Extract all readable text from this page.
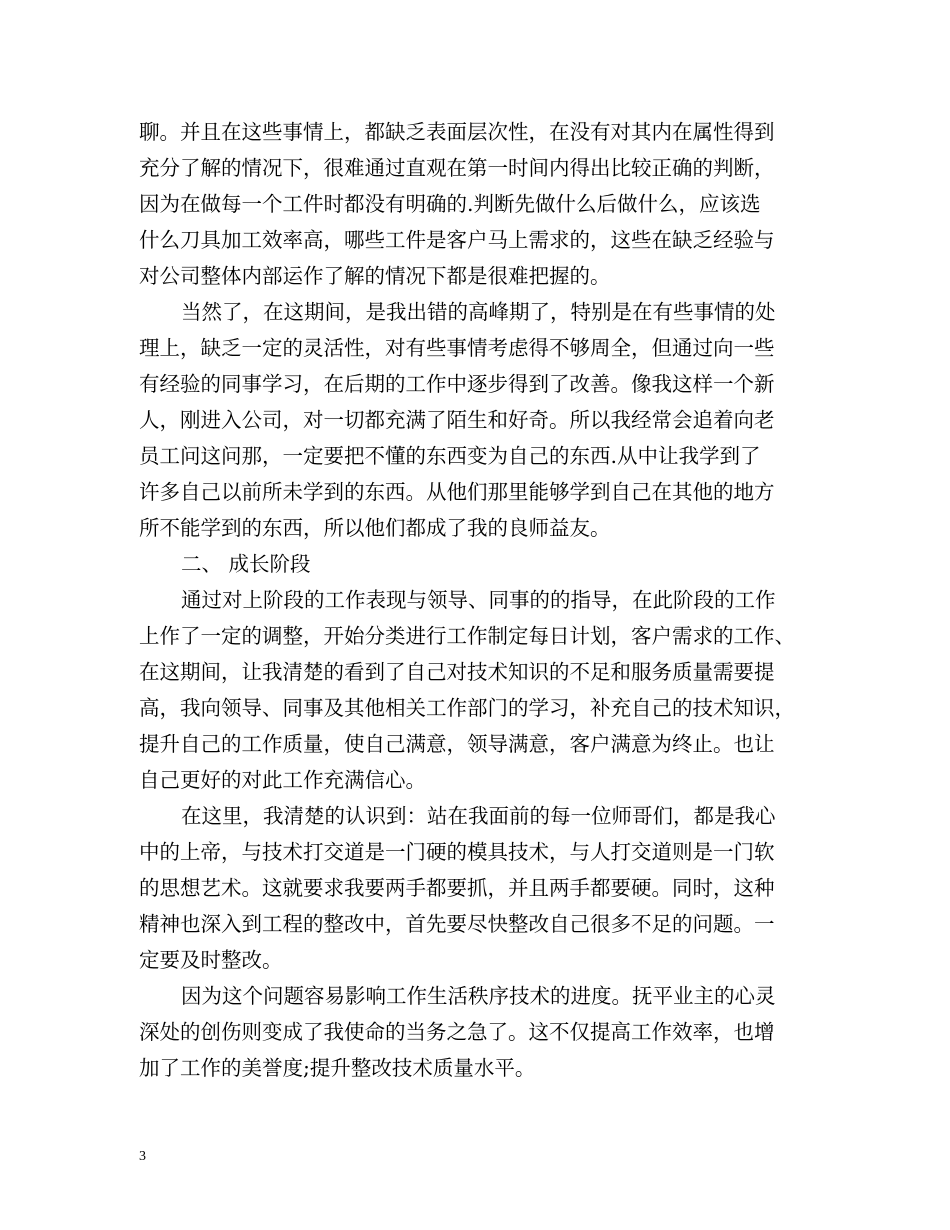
聊。并且在这些事情上，都缺乏表面层次性，在没有对其内在属性得到
充分了解的情况下，很难通过直观在第一时间内得出比较正确的判断，
因为在做每一个工件时都没有明确的.判断先做什么后做什么，应该选
什么刀具加工效率高，哪些工件是客户马上需求的，这些在缺乏经验与
对公司整体内部运作了解的情况下都是很难把握的。
当然了，在这期间，是我出错的高峰期了，特别是在有些事情的处
理上，缺乏一定的灵活性，对有些事情考虑得不够周全，但通过向一些
有经验的同事学习，在后期的工作中逐步得到了改善。像我这样一个新
人，刚进入公司，对一切都充满了陌生和好奇。所以我经常会追着向老
员工问这问那，一定要把不懂的东西变为自己的东西.从中让我学到了
许多自己以前所未学到的东西。从他们那里能够学到自己在其他的地方
所不能学到的东西，所以他们都成了我的良师益友。
二、 成长阶段
通过对上阶段的工作表现与领导、同事的的指导，在此阶段的工作
上作了一定的调整，开始分类进行工作制定每日计划，客户需求的工作、
在这期间，让我清楚的看到了自己对技术知识的不足和服务质量需要提
高，我向领导、同事及其他相关工作部门的学习，补充自己的技术知识，
提升自己的工作质量，使自己满意，领导满意，客户满意为终止。也让
自己更好的对此工作充满信心。
在这里，我清楚的认识到：站在我面前的每一位师哥们，都是我心
中的上帝，与技术打交道是一门硬的模具技术，与人打交道则是一门软
的思想艺术。这就要求我要两手都要抓，并且两手都要硬。同时，这种
精神也深入到工程的整改中，首先要尽快整改自己很多不足的问题。一
定要及时整改。
因为这个问题容易影响工作生活秩序技术的进度。抚平业主的心灵
深处的创伤则变成了我使命的当务之急了。这不仅提高工作效率，也增
加了工作的美誉度;提升整改技术质量水平。
3
